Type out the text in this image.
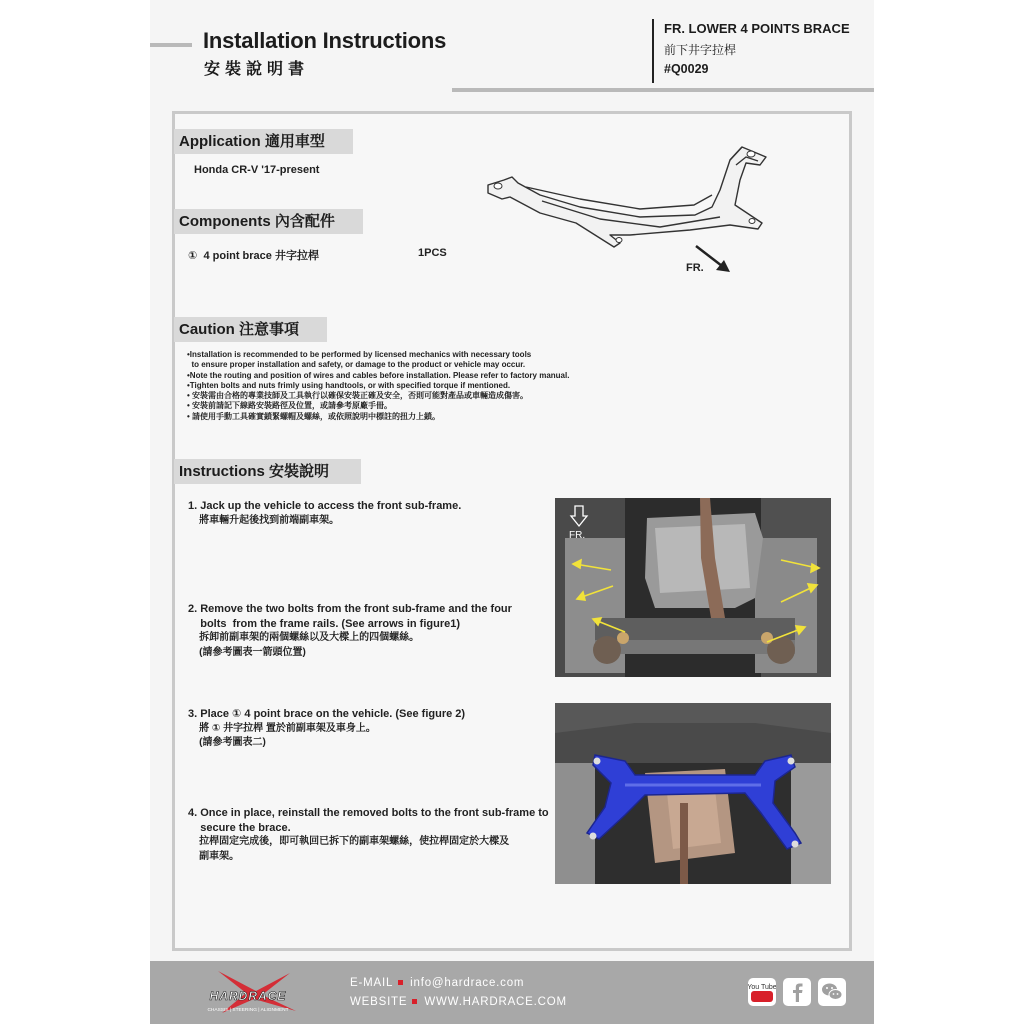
Installation Instructions
安裝說明書
FR. LOWER 4 POINTS BRACE
前下井字拉桿
#Q0029
Application 適用車型
Honda CR-V '17-present
FR.
Components 內含配件
① 4 point brace 井字拉桿	1PCS
Caution 注意事項
•Installation is recommended to be performed by licensed mechanics with necessary tools
to ensure proper installation and safety, or damage to the product or vehicle may occur.
•Note the routing and position of wires and cables before installation. Please refer to factory manual.
•Tighten bolts and nuts frimly using handtools, or with specified torque if mentioned.
• 安裝需由合格的專業技師及工具執行以確保安裝正確及安全，否則可能對產品或車輛造成傷害。
• 安裝前請記下線路安裝路徑及位置，或請參考原廠手冊。
• 請使用手動工具確實鎖緊螺帽及螺絲，或依照說明中標註的扭力上鎖。
Instructions 安裝說明
1. Jack up the vehicle to access the front sub-frame.
將車輛升起後找到前端副車架。
2. Remove the two bolts from the front sub-frame and the four
bolts  from the frame rails. (See arrows in figure1)
拆卸前副車架的兩個螺絲以及大樑上的四個螺絲。
(請參考圖表一箭頭位置)
3. Place ① 4 point brace on the vehicle. (See figure 2)
將 ① 井字拉桿 置於前副車架及車身上。
(請參考圖表二)
4. Once in place, reinstall the removed bolts to the front sub-frame to
secure the brace.
拉桿固定完成後，即可執回已拆下的副車架螺絲，使拉桿固定於大樑及
副車架。
FR.
HARDRACE
CHASSIS | STEERING | ALIGNMENT
E-MAIL info@hardrace.com
WEBSITE WWW.HARDRACE.COM
You Tube
